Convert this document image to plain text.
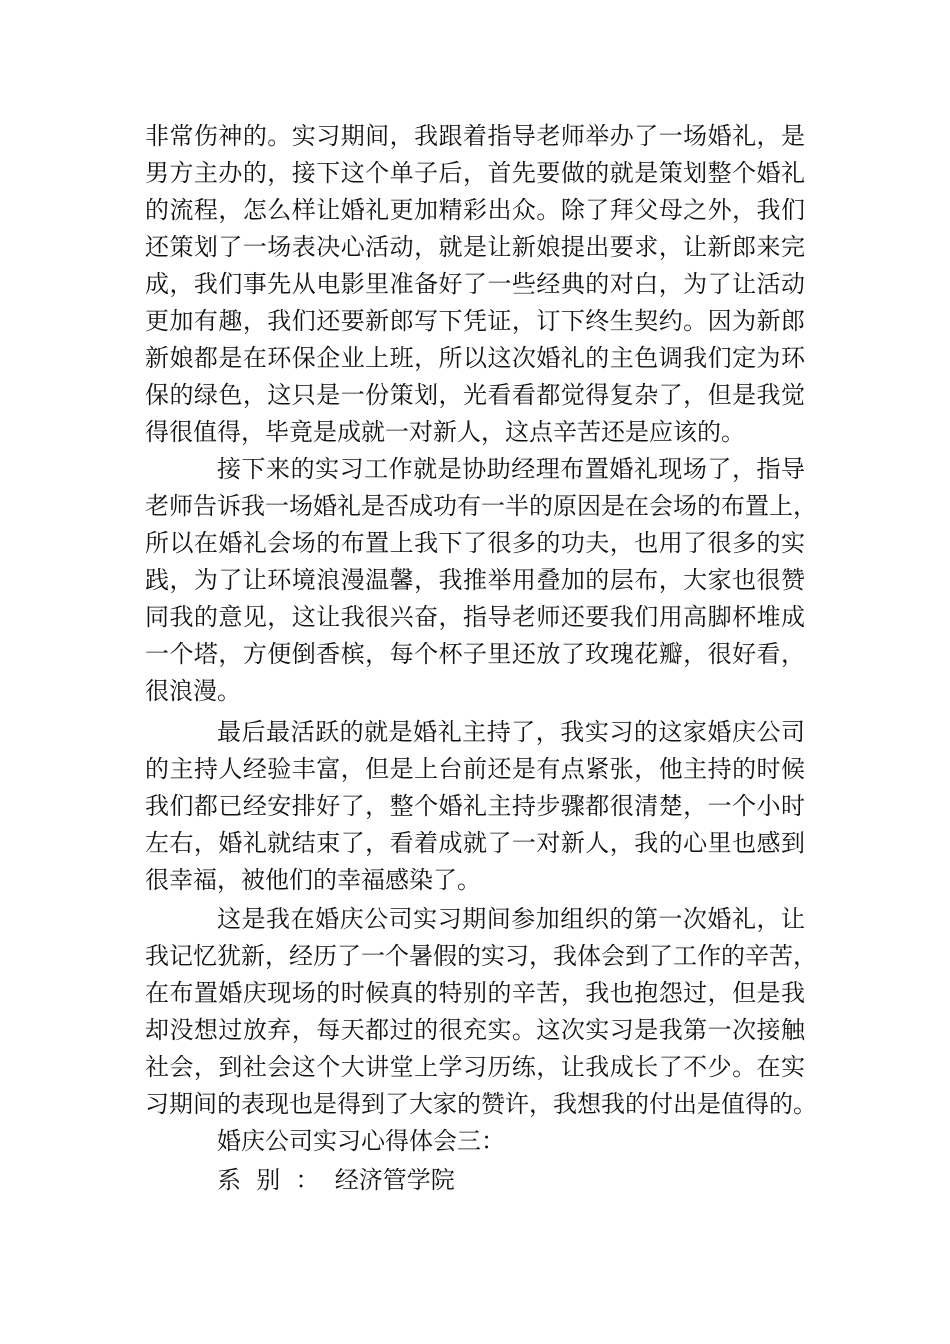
非常伤神的。实习期间，我跟着指导老师举办了一场婚礼，是
男方主办的，接下这个单子后，首先要做的就是策划整个婚礼
的流程，怎么样让婚礼更加精彩出众。除了拜父母之外，我们
还策划了一场表决心活动，就是让新娘提出要求，让新郎来完
成，我们事先从电影里准备好了一些经典的对白，为了让活动
更加有趣，我们还要新郎写下凭证，订下终生契约。因为新郎
新娘都是在环保企业上班，所以这次婚礼的主色调我们定为环
保的绿色，这只是一份策划，光看看都觉得复杂了，但是我觉
得很值得，毕竟是成就一对新人，这点辛苦还是应该的。
接下来的实习工作就是协助经理布置婚礼现场了，指导
老师告诉我一场婚礼是否成功有一半的原因是在会场的布置上，
所以在婚礼会场的布置上我下了很多的功夫，也用了很多的实
践，为了让环境浪漫温馨，我推举用叠加的层布，大家也很赞
同我的意见，这让我很兴奋，指导老师还要我们用高脚杯堆成
一个塔，方便倒香槟，每个杯子里还放了玫瑰花瓣，很好看，
很浪漫。
最后最活跃的就是婚礼主持了，我实习的这家婚庆公司
的主持人经验丰富，但是上台前还是有点紧张，他主持的时候
我们都已经安排好了，整个婚礼主持步骤都很清楚，一个小时
左右，婚礼就结束了，看着成就了一对新人，我的心里也感到
很幸福，被他们的幸福感染了。
这是我在婚庆公司实习期间参加组织的第一次婚礼，让
我记忆犹新，经历了一个暑假的实习，我体会到了工作的辛苦，
在布置婚庆现场的时候真的特别的辛苦，我也抱怨过，但是我
却没想过放弃，每天都过的很充实。这次实习是我第一次接触
社会，到社会这个大讲堂上学习历练，让我成长了不少。在实
习期间的表现也是得到了大家的赞许，我想我的付出是值得的。
婚庆公司实习心得体会三：
系  别  ：  经济管学院
